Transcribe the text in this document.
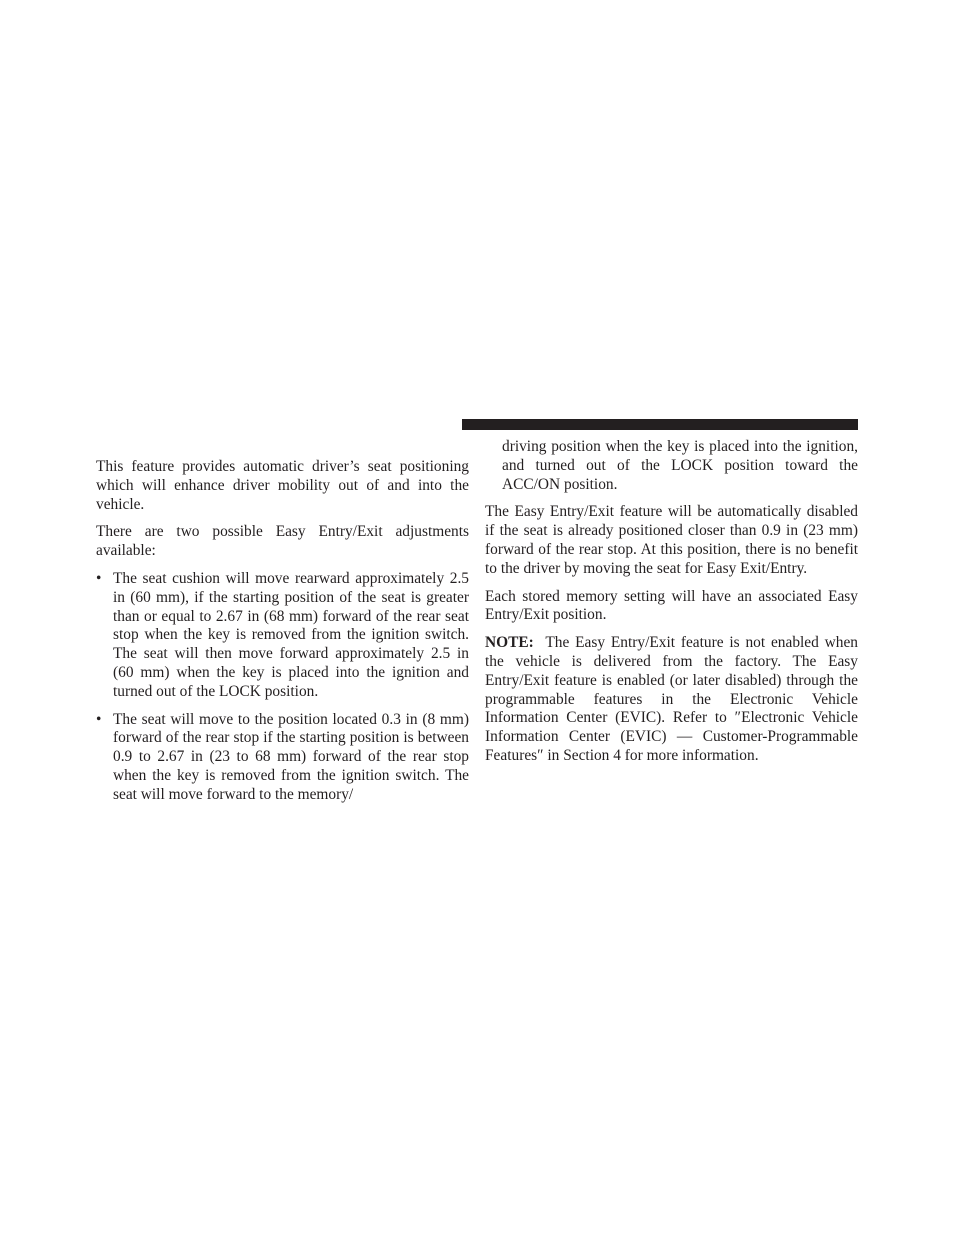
This feature provides automatic driver’s seat positioning which will enhance driver mobility out of and into the vehicle.

There are two possible Easy Entry/Exit adjustments available:

• The seat cushion will move rearward approximately 2.5 in (60 mm), if the starting position of the seat is greater than or equal to 2.67 in (68 mm) forward of the rear seat stop when the key is removed from the ignition switch. The seat will then move forward approximately 2.5 in (60 mm) when the key is placed into the ignition and turned out of the LOCK position.
• The seat will move to the position located 0.3 in (8 mm) forward of the rear stop if the starting position is between 0.9 to 2.67 in (23 to 68 mm) forward of the rear stop when the key is removed from the ignition switch. The seat will move forward to the memory/

driving position when the key is placed into the ignition, and turned out of the LOCK position toward the ACC/ON position.

The Easy Entry/Exit feature will be automatically disabled if the seat is already positioned closer than 0.9 in (23 mm) forward of the rear stop. At this position, there is no benefit to the driver by moving the seat for Easy Exit/Entry.

Each stored memory setting will have an associated Easy Entry/Exit position.

NOTE: The Easy Entry/Exit feature is not enabled when the vehicle is delivered from the factory. The Easy Entry/Exit feature is enabled (or later disabled) through the programmable features in the Electronic Vehicle Information Center (EVIC). Refer to ″Electronic Vehicle Information Center (EVIC) — Customer-Programmable Features″ in Section 4 for more information.
